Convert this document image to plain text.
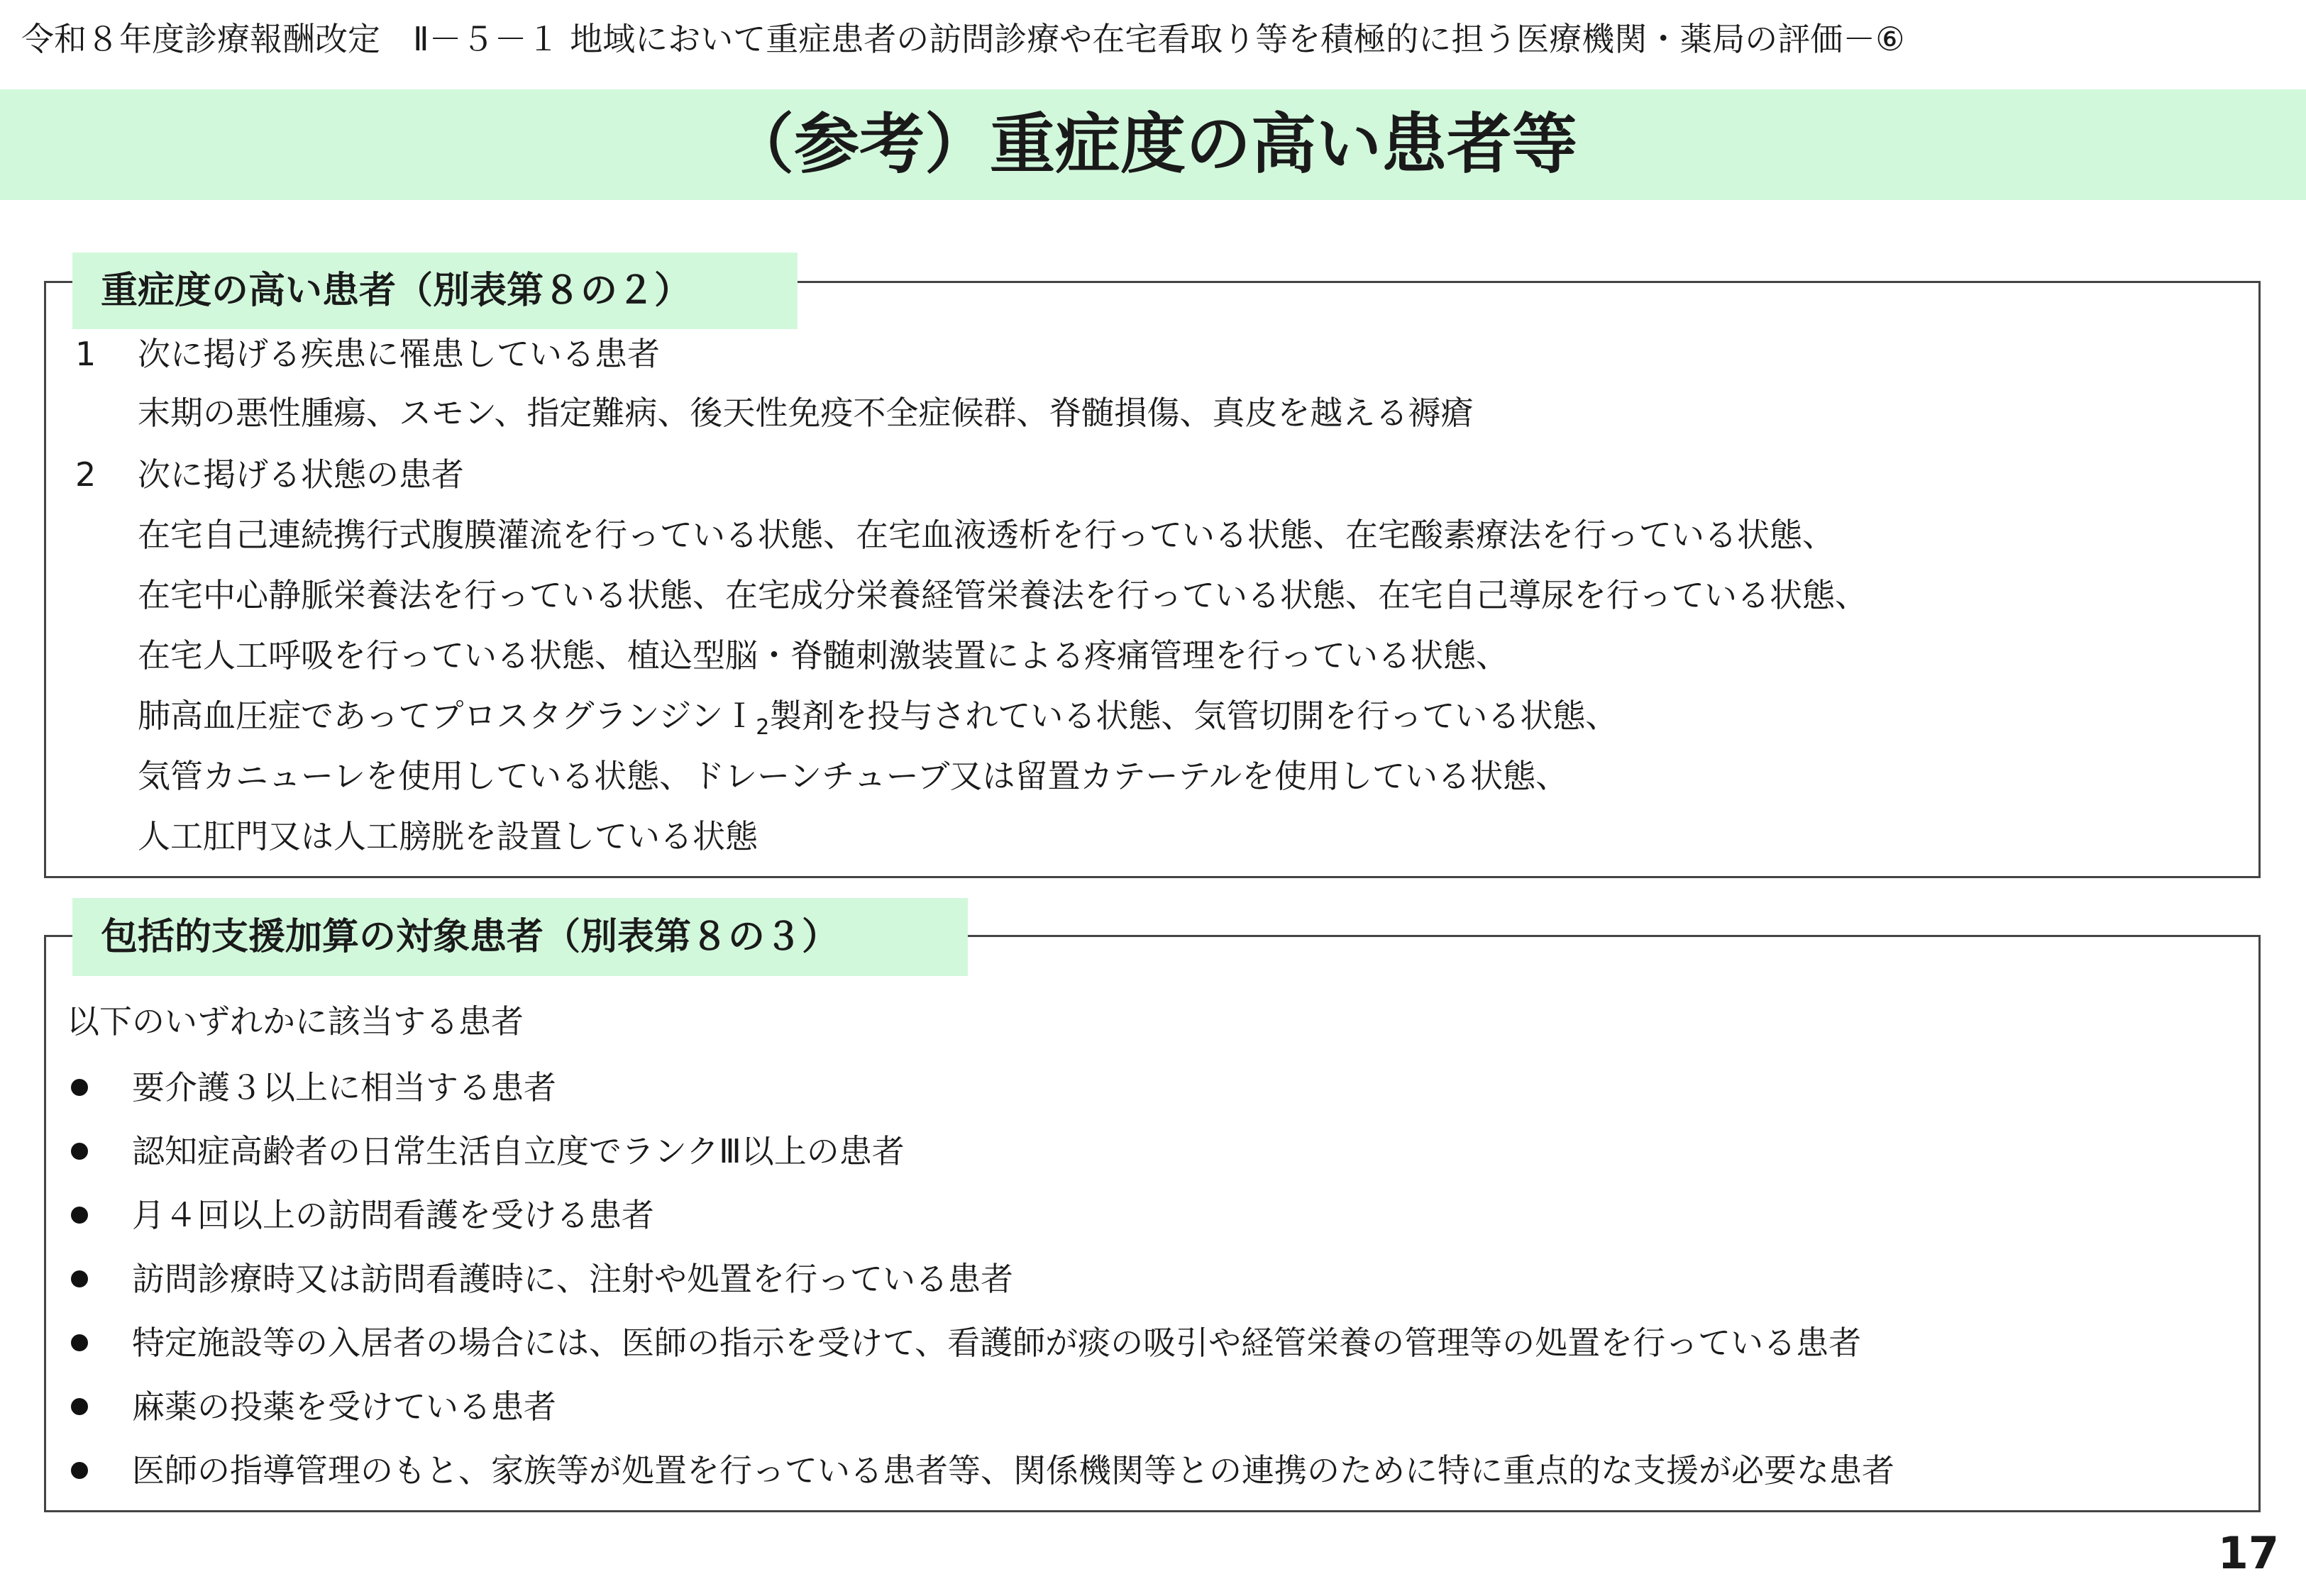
令和８年度診療報酬改定　Ⅱ－５－１ 地域において重症患者の訪問診療や在宅看取り等を積極的に担う医療機関・薬局の評価－⑥
（参考）重症度の高い患者等
重症度の高い患者（別表第８の２）
1 次に掲げる疾患に罹患している患者
末期の悪性腫瘍、スモン、指定難病、後天性免疫不全症候群、脊髄損傷、真皮を越える褥瘡
2 次に掲げる状態の患者
在宅自己連続携行式腹膜灌流を行っている状態、在宅血液透析を行っている状態、在宅酸素療法を行っている状態、
在宅中心静脈栄養法を行っている状態、在宅成分栄養経管栄養法を行っている状態、在宅自己導尿を行っている状態、
在宅人工呼吸を行っている状態、植込型脳・脊髄刺激装置による疼痛管理を行っている状態、
肺高血圧症であってプロスタグランジンＩ$_2$製剤を投与されている状態、気管切開を行っている状態、
気管カニューレを使用している状態、ドレーンチューブ又は留置カテーテルを使用している状態、
人工肛門又は人工膀胱を設置している状態
包括的支援加算の対象患者（別表第８の３）
以下のいずれかに該当する患者
要介護３以上に相当する患者
認知症高齢者の日常生活自立度でランクⅢ以上の患者
月４回以上の訪問看護を受ける患者
訪問診療時又は訪問看護時に、注射や処置を行っている患者
特定施設等の入居者の場合には、医師の指示を受けて、看護師が痰の吸引や経管栄養の管理等の処置を行っている患者
麻薬の投薬を受けている患者
医師の指導管理のもと、家族等が処置を行っている患者等、関係機関等との連携のために特に重点的な支援が必要な患者
17
